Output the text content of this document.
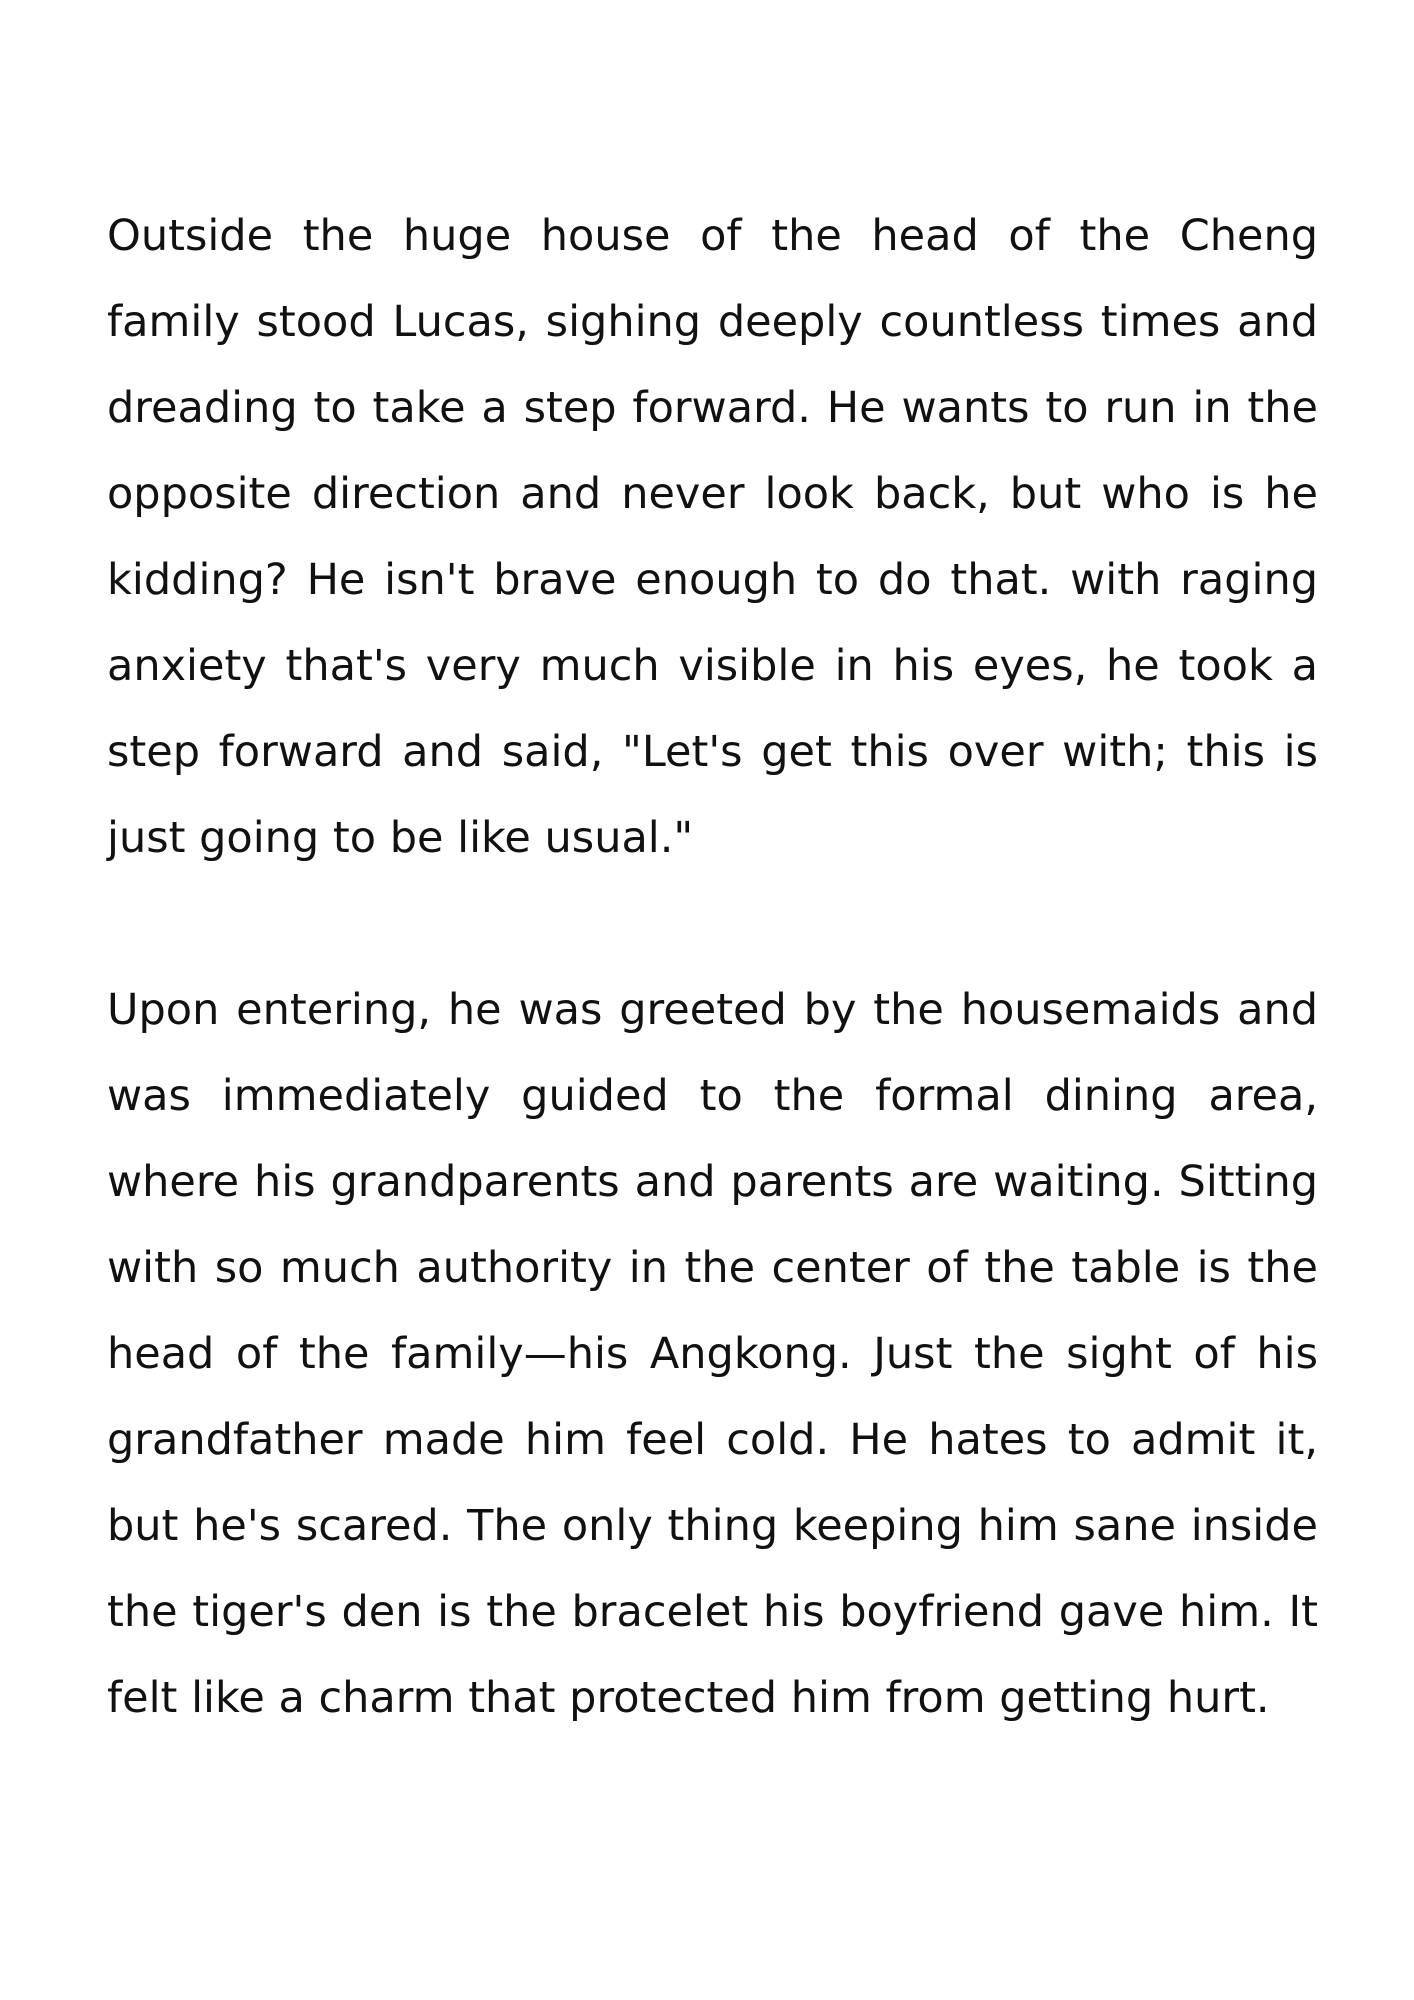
Outside the huge house of the head of the Cheng family stood Lucas, sighing deeply countless times and dreading to take a step forward. He wants to run in the opposite direction and never look back, but who is he kidding? He isn't brave enough to do that. with raging anxiety that's very much visible in his eyes, he took a step forward and said, "Let's get this over with; this is just going to be like usual."

Upon entering, he was greeted by the housemaids and was immediately guided to the formal dining area, where his grandparents and parents are waiting. Sitting with so much authority in the center of the table is the head of the family—his Angkong. Just the sight of his grandfather made him feel cold. He hates to admit it, but he's scared. The only thing keeping him sane inside the tiger's den is the bracelet his boyfriend gave him. It felt like a charm that protected him from getting hurt.
